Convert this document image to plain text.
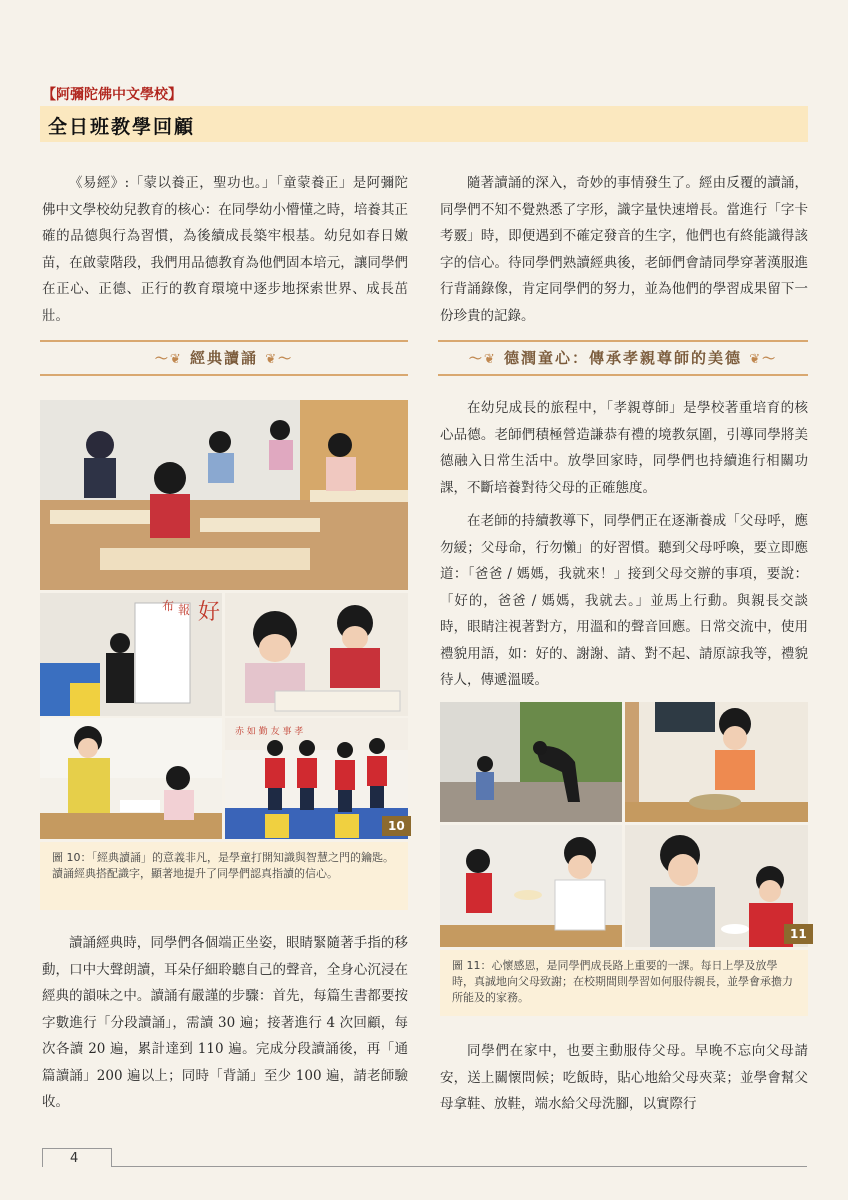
【阿彌陀佛中文學校】
全日班教學回顧
《易經》:「蒙以養正，聖功也。」「童蒙養正」是阿彌陀佛中文學校幼兒教育的核心：在同學幼小懵懂之時，培養其正確的品德與行為習慣，為後續成長築牢根基。幼兒如春日嫩苗，在啟蒙階段，我們用品德教育為他們固本培元，讓同學們在正心、正德、正行的教育環境中逐步地探索世界、成長茁壯。
〜❦ 經典讀誦 ❦〜
布 報 好
赤 如 勤 友 事 孝
10
圖 10：「經典讀誦」的意義非凡，是學童打開知識與智慧之門的鑰匙。讀誦經典搭配識字，顯著地提升了同學們認真指讀的信心。
讀誦經典時，同學們各個端正坐姿，眼睛緊隨著手指的移動，口中大聲朗讀，耳朵仔細聆聽自己的聲音，全身心沉浸在經典的韻味之中。讀誦有嚴謹的步驟：首先，每篇生書都要按字數進行「分段讀誦」，需讀 30 遍；接著進行 4 次回顧，每次各讀 20 遍，累計達到 110 遍。完成分段讀誦後，再「通篇讀誦」200 遍以上；同時「背誦」至少 100 遍，請老師驗收。
隨著讀誦的深入，奇妙的事情發生了。經由反覆的讀誦，同學們不知不覺熟悉了字形，識字量快速增長。當進行「字卡考覈」時，即便遇到不確定發音的生字，他們也有終能識得該字的信心。待同學們熟讀經典後，老師們會請同學穿著漢服進行背誦錄像，肯定同學們的努力，並為他們的學習成果留下一份珍貴的記錄。
〜❦ 德潤童心：傳承孝親尊師的美德 ❦〜
在幼兒成長的旅程中，「孝親尊師」是學校著重培育的核心品德。老師們積極營造謙恭有禮的境教氛圍，引導同學將美德融入日常生活中。放學回家時，同學們也持續進行相關功課，不斷培養對待父母的正確態度。
在老師的持續教導下，同學們正在逐漸養成「父母呼，應勿緩；父母命，行勿懶」的好習慣。聽到父母呼喚，要立即應道：「爸爸 / 媽媽，我就來！」接到父母交辦的事項，要說：「好的，爸爸 / 媽媽，我就去。」並馬上行動。與親長交談時，眼睛注視著對方，用溫和的聲音回應。日常交流中，使用禮貌用語，如：好的、謝謝、請、對不起、請原諒我等，禮貌待人，傳遞溫暖。
11
圖 11：心懷感恩，是同學們成長路上重要的一課。每日上學及放學時，真誠地向父母致謝；在校期間則學習如何服侍親長，並學會承擔力所能及的家務。
同學們在家中，也要主動服侍父母。早晚不忘向父母請安，送上關懷問候；吃飯時，貼心地給父母夾菜；並學會幫父母拿鞋、放鞋，端水給父母洗腳，以實際行
4
